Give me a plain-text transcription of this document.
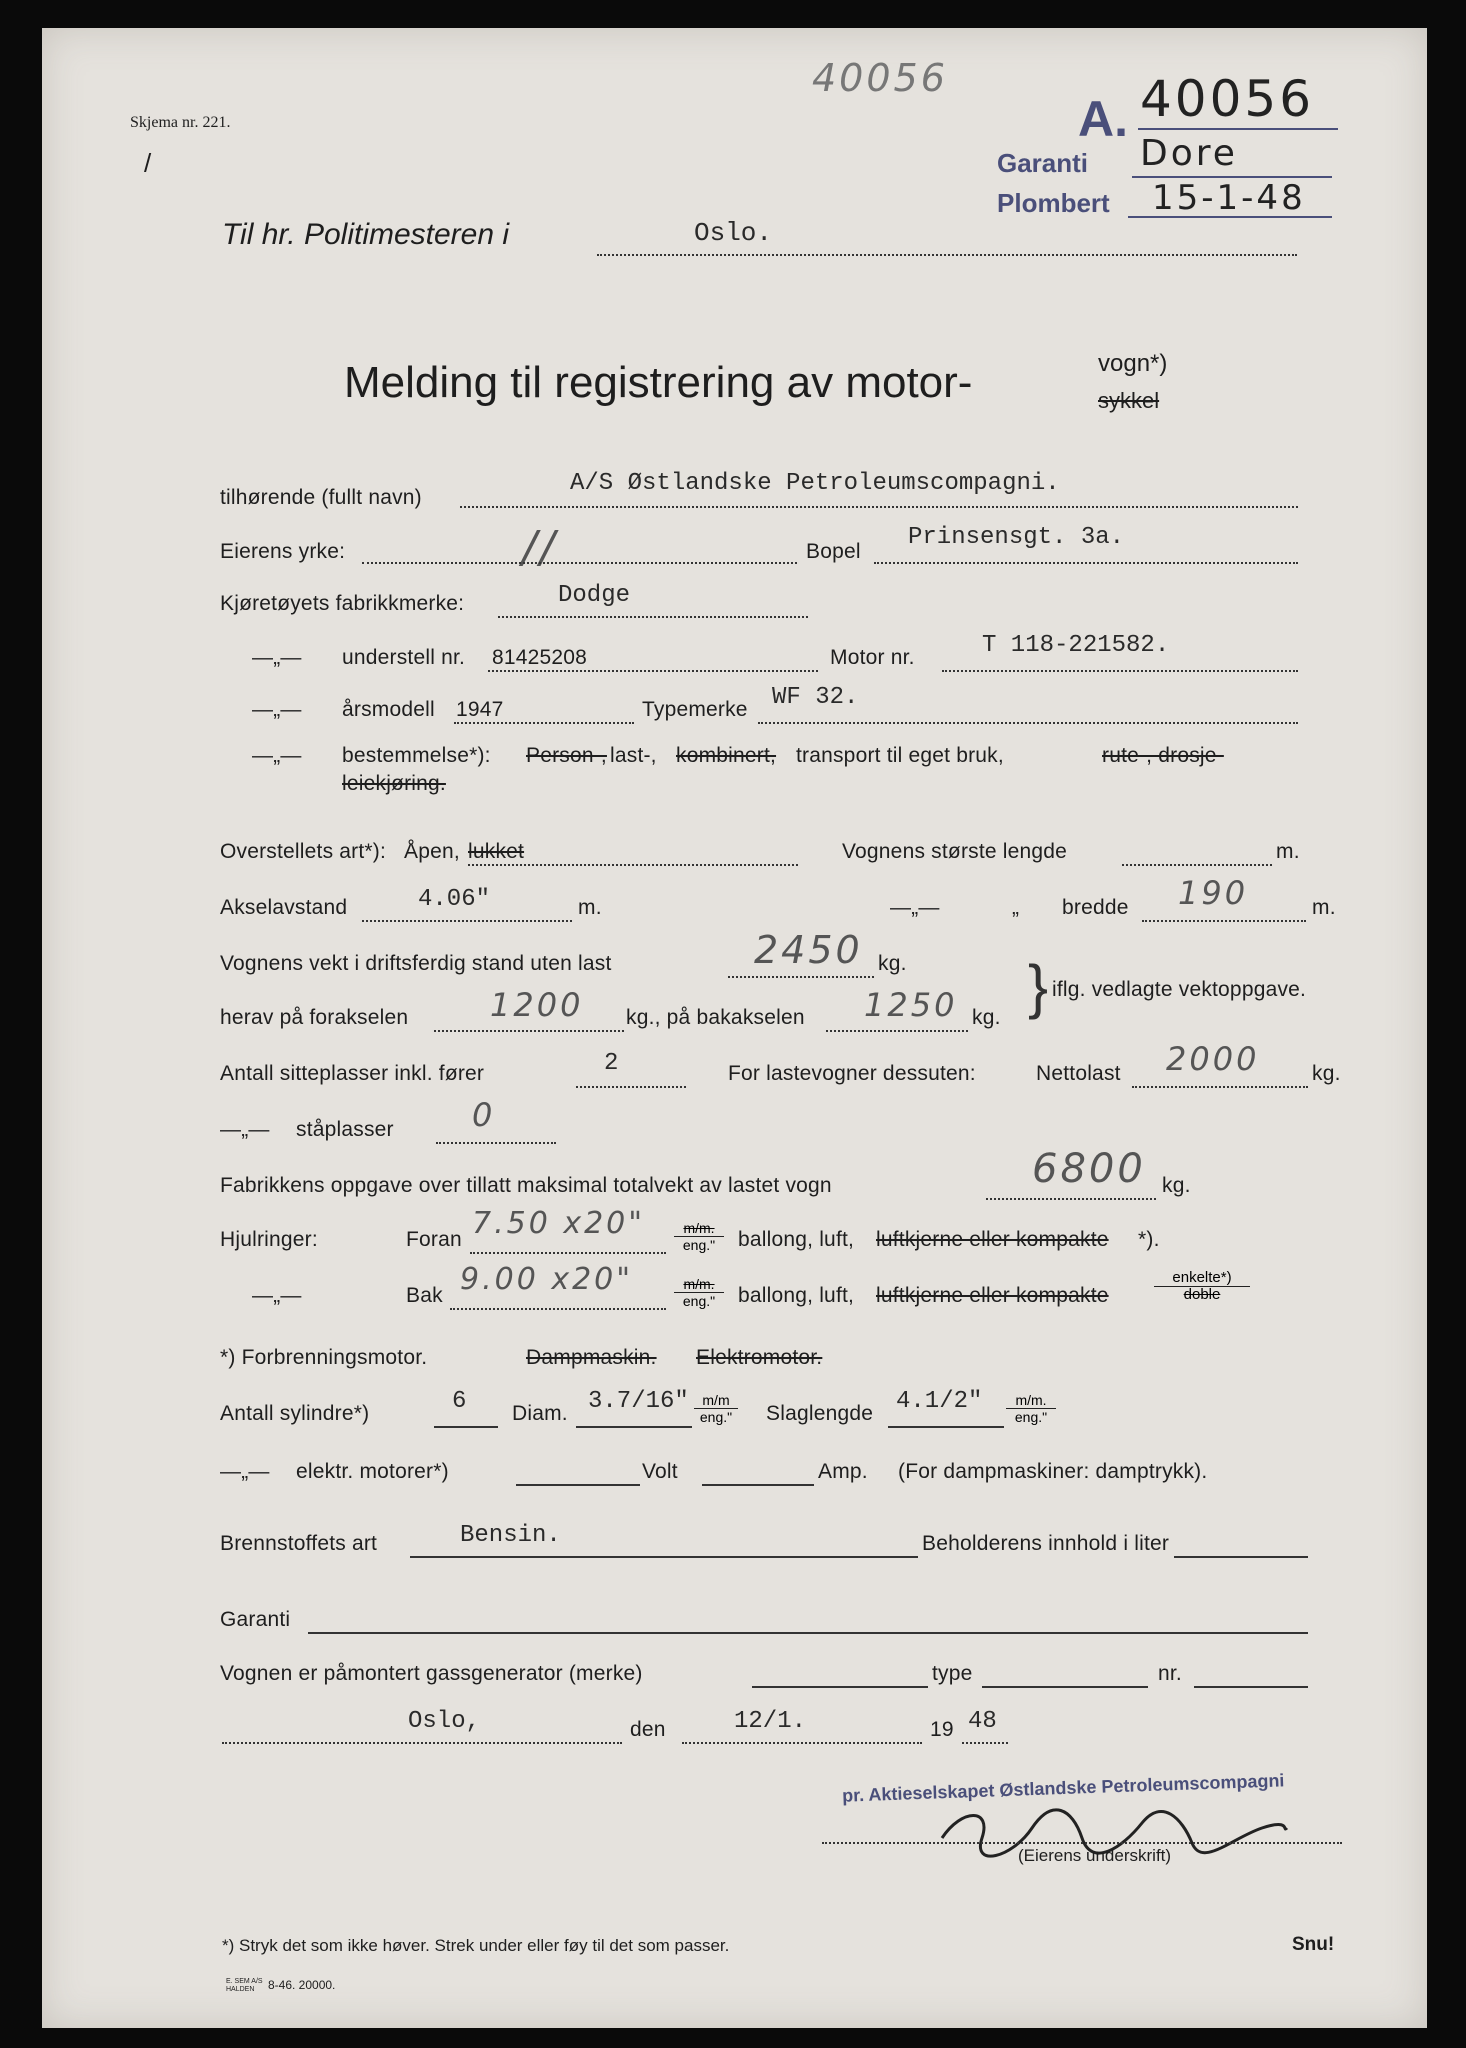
40056
Skjema nr. 221.
/
A. 40056
Garanti Dore
Plombert 15-1-48
Til hr. Politimesteren i	Oslo.
Melding til registrering av motor-	vogn*)
sykkel
tilhørende (fullt navn)
A/S Østlandske Petroleumscompagni.
Eierens yrke:	//	Bopel
Prinsensgt. 3a.
Kjøretøyets fabrikkmerke:	Dodge
—„— understell nr. 81425208	Motor nr.	T 118-221582.
—„— årsmodell 1947	Typemerke WF 32.
—„— bestemmelse*): Person-, last-, kombinert, transport til eget bruk,	rute-, drosje-
leiekjøring.
Overstellets art*): Åpen, lukket	Vognens største lengde	m.
Akselavstand	4.06"	m.	—„—	„ bredde 190	m.
Vognens vekt i driftsferdig stand uten last	2450 kg.
herav på forakselen	1200 kg., på bakakselen 1250 kg. } iflg. vedlagte vektoppgave.
Antall sitteplasser inkl. fører	2	For lastevogner dessuten:	Nettolast 2000	kg.
—„— ståplasser 0
Fabrikkens oppgave over tillatt maksimal totalvekt av lastet vogn	6800 kg.
Hjulringer:	Foran 7.50 x20"	m/m.
eng."	ballong, luft, luftkjerne eller kompakte *).
—„—	Bak 9.00 x20"	m/m.
eng."	ballong, luft, luftkjerne eller kompakte
enkelte*)
doble
*) Forbrenningsmotor.	Dampmaskin. Elektromotor.
Antall sylindre*)	6 Diam. 3.7/16" m/m
eng." Slaglengde 4.1/2"	m/m.
eng."
—„— elektr. motorer*)	Volt	Amp. (For dampmaskiner: damptrykk).
Brennstoffets art	Bensin.	Beholderens innhold i liter
Garanti
Vognen er påmontert gassgenerator (merke)	type	nr.
Oslo,	den	12/1.	19 48
pr. Aktieselskapet Østlandske Petroleumscompagni
(Eierens underskrift)
*) Stryk det som ikke høver. Strek under eller føy til det som passer.	Snu!
E. SEM A/S
HALDEN	8-46. 20000.
